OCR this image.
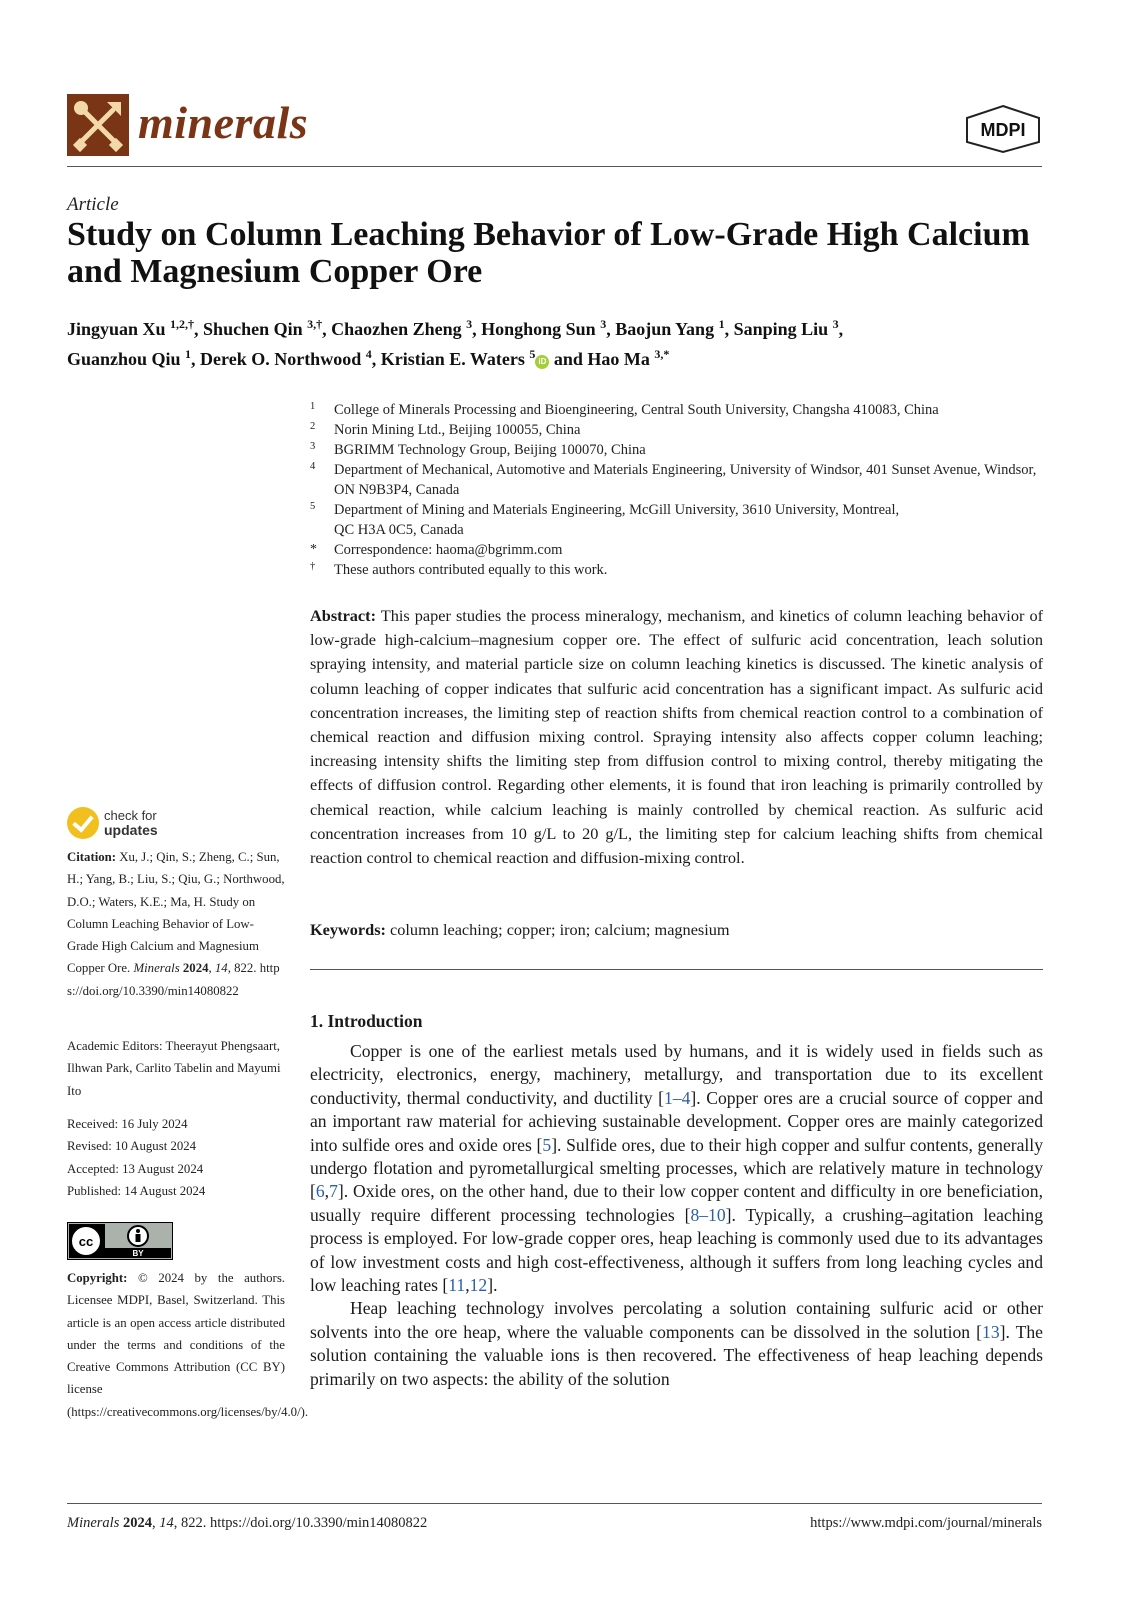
minerals	MDPI
Article
Study on Column Leaching Behavior of Low-Grade High Calcium and Magnesium Copper Ore
Jingyuan Xu $^{1,2,\dagger}$, Shuchen Qin $^{3,\dagger}$, Chaozhen Zheng $^3$, Honghong Sun $^3$, Baojun Yang $^1$, Sanping Liu $^3$,
Guanzhou Qiu $^1$, Derek O. Northwood $^4$, Kristian E. Waters $^5$iD and Hao Ma $^{3,*}$
1 College of Minerals Processing and Bioengineering, Central South University, Changsha 410083, China
2 Norin Mining Ltd., Beijing 100055, China
3 BGRIMM Technology Group, Beijing 100070, China
4 Department of Mechanical, Automotive and Materials Engineering, University of Windsor, 401 Sunset Avenue, Windsor, ON N9B3P4, Canada
5 Department of Mining and Materials Engineering, McGill University, 3610 University, Montreal, QC H3A 0C5, Canada
* Correspondence: haoma@bgrimm.com
† These authors contributed equally to this work.
Abstract: This paper studies the process mineralogy, mechanism, and kinetics of column leaching behavior of low-grade high-calcium–magnesium copper ore. The effect of sulfuric acid concentration, leach solution spraying intensity, and material particle size on column leaching kinetics is discussed. The kinetic analysis of column leaching of copper indicates that sulfuric acid concentration has a significant impact. As sulfuric acid concentration increases, the limiting step of reaction shifts from chemical reaction control to a combination of chemical reaction and diffusion mixing control. Spraying intensity also affects copper column leaching; increasing intensity shifts the limiting step from diffusion control to mixing control, thereby mitigating the effects of diffusion control. Regarding other elements, it is found that iron leaching is primarily controlled by chemical reaction, while calcium leaching is mainly controlled by chemical reaction. As sulfuric acid concentration increases from 10 g/L to 20 g/L, the limiting step for calcium leaching shifts from chemical reaction control to chemical reaction and diffusion-mixing control.
Keywords: column leaching; copper; iron; calcium; magnesium
1. Introduction

Copper is one of the earliest metals used by humans, and it is widely used in fields such as electricity, electronics, energy, machinery, metallurgy, and transportation due to its excellent conductivity, thermal conductivity, and ductility [1–4]. Copper ores are a crucial source of copper and an important raw material for achieving sustainable development. Copper ores are mainly categorized into sulfide ores and oxide ores [5]. Sulfide ores, due to their high copper and sulfur contents, generally undergo flotation and pyrometallurgical smelting processes, which are relatively mature in technology [6,7]. Oxide ores, on the other hand, due to their low copper content and difficulty in ore beneficiation, usually require different processing technologies [8–10]. Typically, a crushing–agitation leaching process is employed. For low-grade copper ores, heap leaching is commonly used due to its advantages of low investment costs and high cost-effectiveness, although it suffers from long leaching cycles and low leaching rates [11,12].

Heap leaching technology involves percolating a solution containing sulfuric acid or other solvents into the ore heap, where the valuable components can be dissolved in the solution [13]. The solution containing the valuable ions is then recovered. The effectiveness of heap leaching depends primarily on two aspects: the ability of the solution

check for
updates
Citation: Xu, J.; Qin, S.; Zheng, C.; Sun, H.; Yang, B.; Liu, S.; Qiu, G.; Northwood, D.O.; Waters, K.E.; Ma, H. Study on Column Leaching Behavior of Low-Grade High Calcium and Magnesium Copper Ore. Minerals 2024, 14, 822. https://doi.org/10.3390/min14080822
Academic Editors: Theerayut Phengsaart, Ilhwan Park, Carlito Tabelin and Mayumi Ito
Received: 16 July 2024
Revised: 10 August 2024
Accepted: 13 August 2024
Published: 14 August 2024
cc
BY
Copyright: © 2024 by the authors. Licensee MDPI, Basel, Switzerland. This article is an open access article distributed under the terms and conditions of the Creative Commons Attribution (CC BY) license (https://creativecommons.org/licenses/by/4.0/).
Minerals 2024, 14, 822. https://doi.org/10.3390/min14080822	https://www.mdpi.com/journal/minerals
